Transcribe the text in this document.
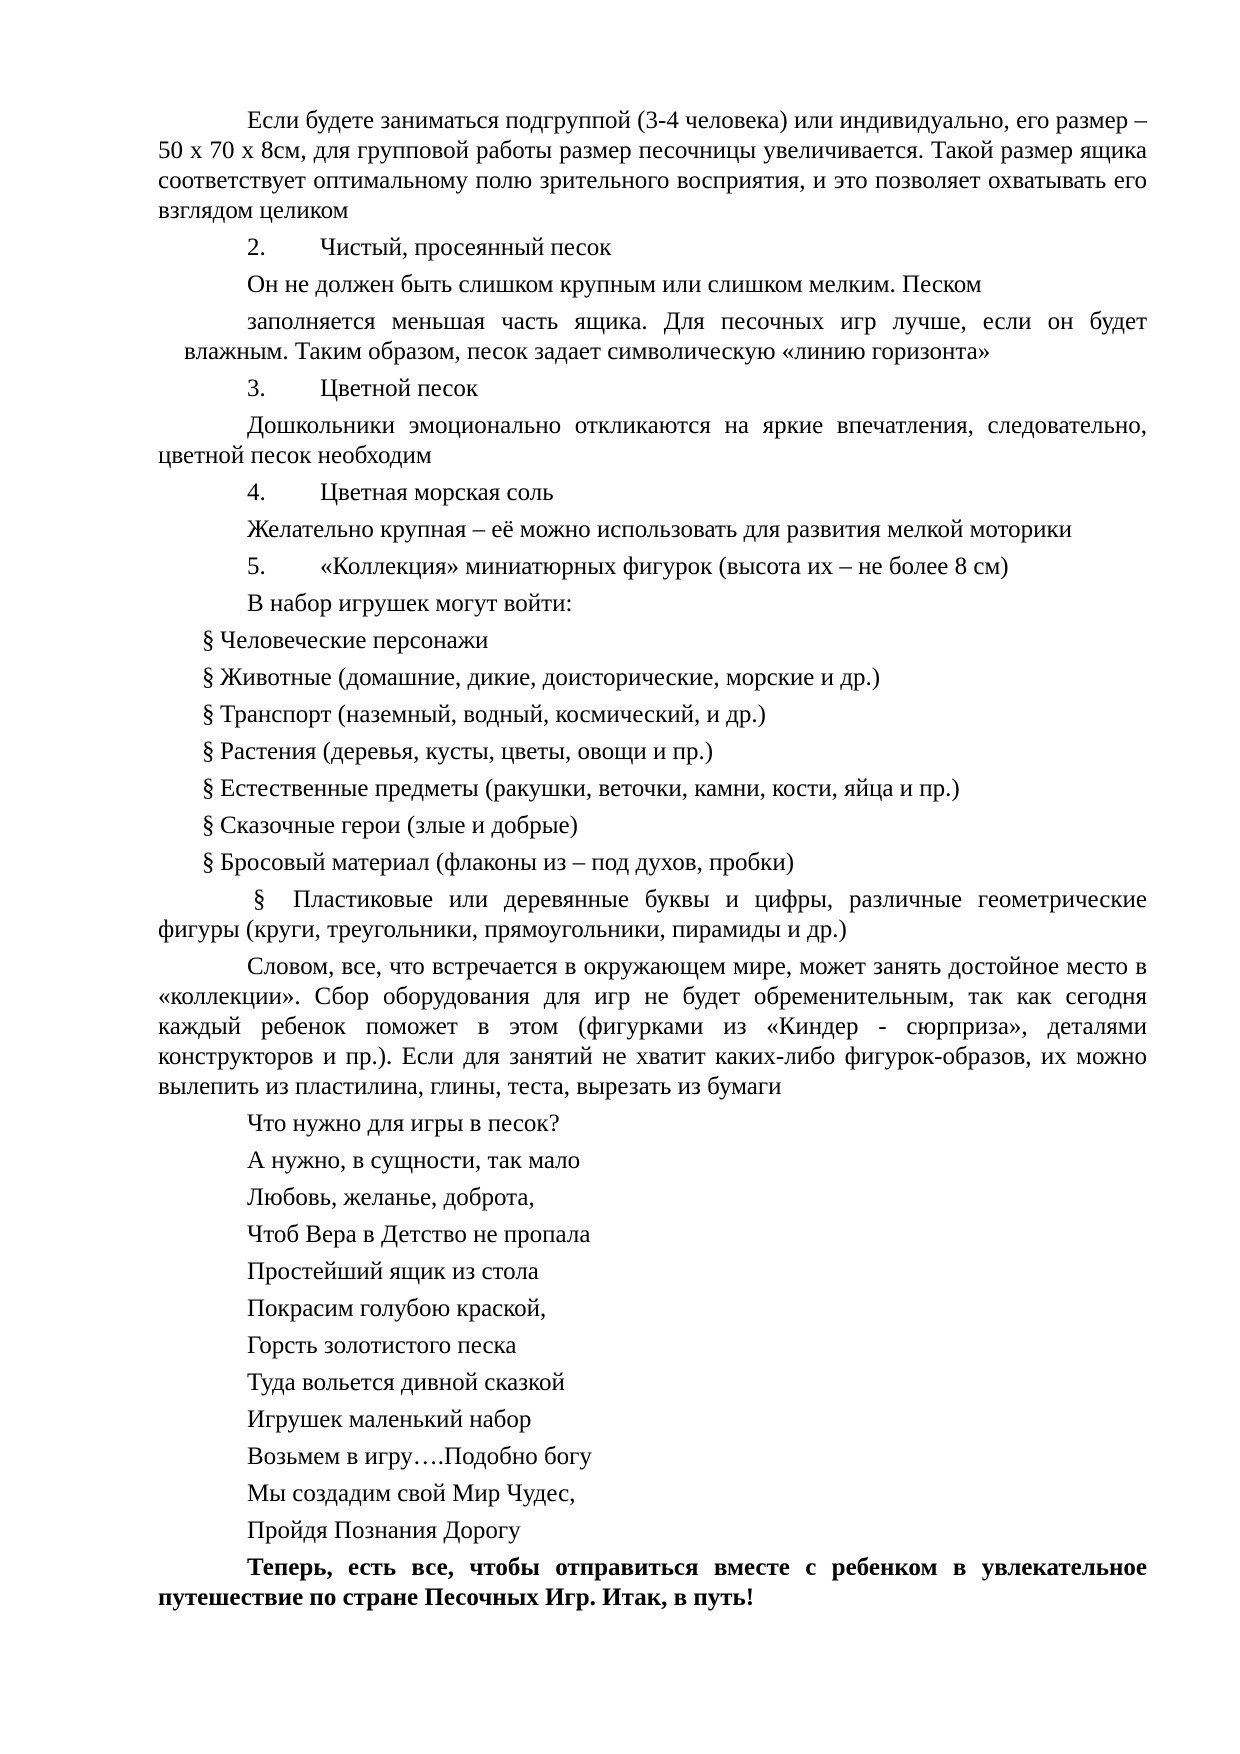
Если будете заниматься подгруппой (3-4 человека) или индивидуально, его размер – 50 х 70 х 8см, для групповой работы размер песочницы увеличивается. Такой размер ящика соответствует оптимальному полю зрительного восприятия, и это позволяет охватывать его взглядом целиком

2. Чистый, просеянный песок

Он не должен быть слишком крупным или слишком мелким. Песком

заполняется меньшая часть ящика. Для песочных игр лучше, если он будет влажным. Таким образом, песок задает символическую «линию горизонта»

3. Цветной песок

Дошкольники эмоционально откликаются на яркие впечатления, следовательно, цветной песок необходим

4. Цветная морская соль

Желательно крупная – её можно использовать для развития мелкой моторики

5. «Коллекция» миниатюрных фигурок (высота их – не более 8 см)

В набор игрушек могут войти:

§ Человеческие персонажи

§ Животные (домашние, дикие, доисторические, морские и др.)

§ Транспорт (наземный, водный, космический, и др.)

§ Растения (деревья, кусты, цветы, овощи и пр.)

§ Естественные предметы (ракушки, веточки, камни, кости, яйца и пр.)

§ Сказочные герои (злые и добрые)

§ Бросовый материал (флаконы из – под духов, пробки)

§ Пластиковые или деревянные буквы и цифры, различные геометрические фигуры (круги, треугольники, прямоугольники, пирамиды и др.)

Словом, все, что встречается в окружающем мире, может занять достойное место в «коллекции». Сбор оборудования для игр не будет обременительным, так как сегодня каждый ребенок поможет в этом (фигурками из «Киндер - сюрприза», деталями конструкторов и пр.). Если для занятий не хватит каких-либо фигурок-образов, их можно вылепить из пластилина, глины, теста, вырезать из бумаги

Что нужно для игры в песок?

А нужно, в сущности, так мало

Любовь, желанье, доброта,

Чтоб Вера в Детство не пропала

Простейший ящик из стола

Покрасим голубою краской,

Горсть золотистого песка

Туда вольется дивной сказкой

Игрушек маленький набор

Возьмем в игру….Подобно богу

Мы создадим свой Мир Чудес,

Пройдя Познания Дорогу

Теперь, есть все, чтобы отправиться вместе с ребенком в увлекательное путешествие по стране Песочных Игр. Итак, в путь!
